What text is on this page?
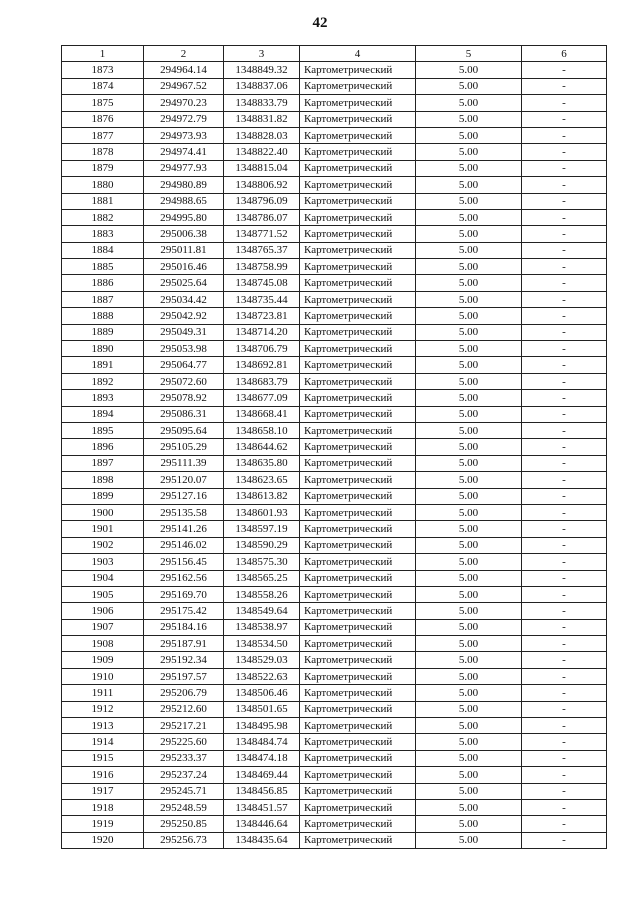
42
1	2	3	4	5	6
1873	294964.14	1348849.32	Картометрический	5.00	-
1874	294967.52	1348837.06	Картометрический	5.00	-
1875	294970.23	1348833.79	Картометрический	5.00	-
1876	294972.79	1348831.82	Картометрический	5.00	-
1877	294973.93	1348828.03	Картометрический	5.00	-
1878	294974.41	1348822.40	Картометрический	5.00	-
1879	294977.93	1348815.04	Картометрический	5.00	-
1880	294980.89	1348806.92	Картометрический	5.00	-
1881	294988.65	1348796.09	Картометрический	5.00	-
1882	294995.80	1348786.07	Картометрический	5.00	-
1883	295006.38	1348771.52	Картометрический	5.00	-
1884	295011.81	1348765.37	Картометрический	5.00	-
1885	295016.46	1348758.99	Картометрический	5.00	-
1886	295025.64	1348745.08	Картометрический	5.00	-
1887	295034.42	1348735.44	Картометрический	5.00	-
1888	295042.92	1348723.81	Картометрический	5.00	-
1889	295049.31	1348714.20	Картометрический	5.00	-
1890	295053.98	1348706.79	Картометрический	5.00	-
1891	295064.77	1348692.81	Картометрический	5.00	-
1892	295072.60	1348683.79	Картометрический	5.00	-
1893	295078.92	1348677.09	Картометрический	5.00	-
1894	295086.31	1348668.41	Картометрический	5.00	-
1895	295095.64	1348658.10	Картометрический	5.00	-
1896	295105.29	1348644.62	Картометрический	5.00	-
1897	295111.39	1348635.80	Картометрический	5.00	-
1898	295120.07	1348623.65	Картометрический	5.00	-
1899	295127.16	1348613.82	Картометрический	5.00	-
1900	295135.58	1348601.93	Картометрический	5.00	-
1901	295141.26	1348597.19	Картометрический	5.00	-
1902	295146.02	1348590.29	Картометрический	5.00	-
1903	295156.45	1348575.30	Картометрический	5.00	-
1904	295162.56	1348565.25	Картометрический	5.00	-
1905	295169.70	1348558.26	Картометрический	5.00	-
1906	295175.42	1348549.64	Картометрический	5.00	-
1907	295184.16	1348538.97	Картометрический	5.00	-
1908	295187.91	1348534.50	Картометрический	5.00	-
1909	295192.34	1348529.03	Картометрический	5.00	-
1910	295197.57	1348522.63	Картометрический	5.00	-
1911	295206.79	1348506.46	Картометрический	5.00	-
1912	295212.60	1348501.65	Картометрический	5.00	-
1913	295217.21	1348495.98	Картометрический	5.00	-
1914	295225.60	1348484.74	Картометрический	5.00	-
1915	295233.37	1348474.18	Картометрический	5.00	-
1916	295237.24	1348469.44	Картометрический	5.00	-
1917	295245.71	1348456.85	Картометрический	5.00	-
1918	295248.59	1348451.57	Картометрический	5.00	-
1919	295250.85	1348446.64	Картометрический	5.00	-
1920	295256.73	1348435.64	Картометрический	5.00	-
